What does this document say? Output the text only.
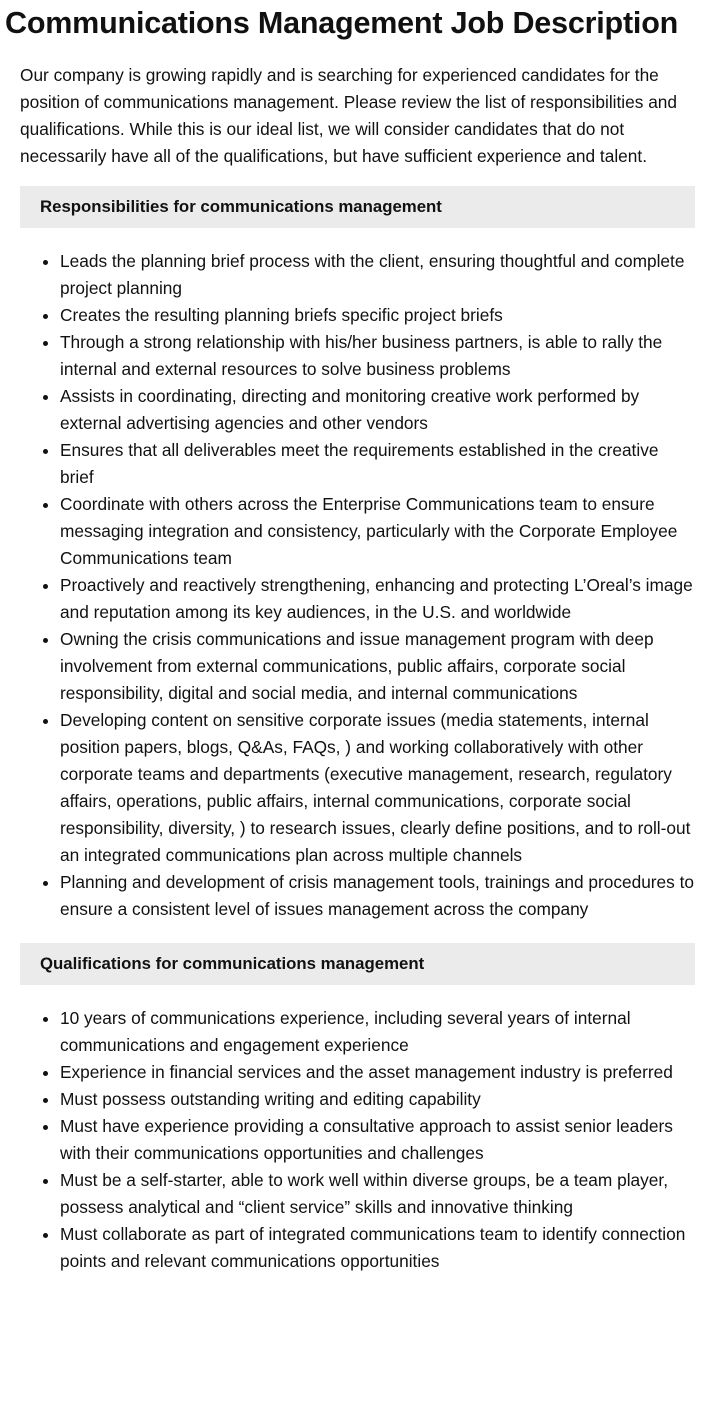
Communications Management Job Description

Our company is growing rapidly and is searching for experienced candidates for the position of communications management. Please review the list of responsibilities and qualifications. While this is our ideal list, we will consider candidates that do not necessarily have all of the qualifications, but have sufficient experience and talent.

Responsibilities for communications management
• Leads the planning brief process with the client, ensuring thoughtful and complete project planning
• Creates the resulting planning briefs specific project briefs
• Through a strong relationship with his/her business partners, is able to rally the internal and external resources to solve business problems
• Assists in coordinating, directing and monitoring creative work performed by external advertising agencies and other vendors
• Ensures that all deliverables meet the requirements established in the creative brief
• Coordinate with others across the Enterprise Communications team to ensure messaging integration and consistency, particularly with the Corporate Employee Communications team
• Proactively and reactively strengthening, enhancing and protecting L’Oreal’s image and reputation among its key audiences, in the U.S. and worldwide
• Owning the crisis communications and issue management program with deep involvement from external communications, public affairs, corporate social responsibility, digital and social media, and internal communications
• Developing content on sensitive corporate issues (media statements, internal position papers, blogs, Q&As, FAQs, ) and working collaboratively with other corporate teams and departments (executive management, research, regulatory affairs, operations, public affairs, internal communications, corporate social responsibility, diversity, ) to research issues, clearly define positions, and to roll-out an integrated communications plan across multiple channels
• Planning and development of crisis management tools, trainings and procedures to ensure a consistent level of issues management across the company
Qualifications for communications management
• 10 years of communications experience, including several years of internal communications and engagement experience
• Experience in financial services and the asset management industry is preferred
• Must possess outstanding writing and editing capability
• Must have experience providing a consultative approach to assist senior leaders with their communications opportunities and challenges
• Must be a self-starter, able to work well within diverse groups, be a team player, possess analytical and “client service” skills and innovative thinking
• Must collaborate as part of integrated communications team to identify connection points and relevant communications opportunities
